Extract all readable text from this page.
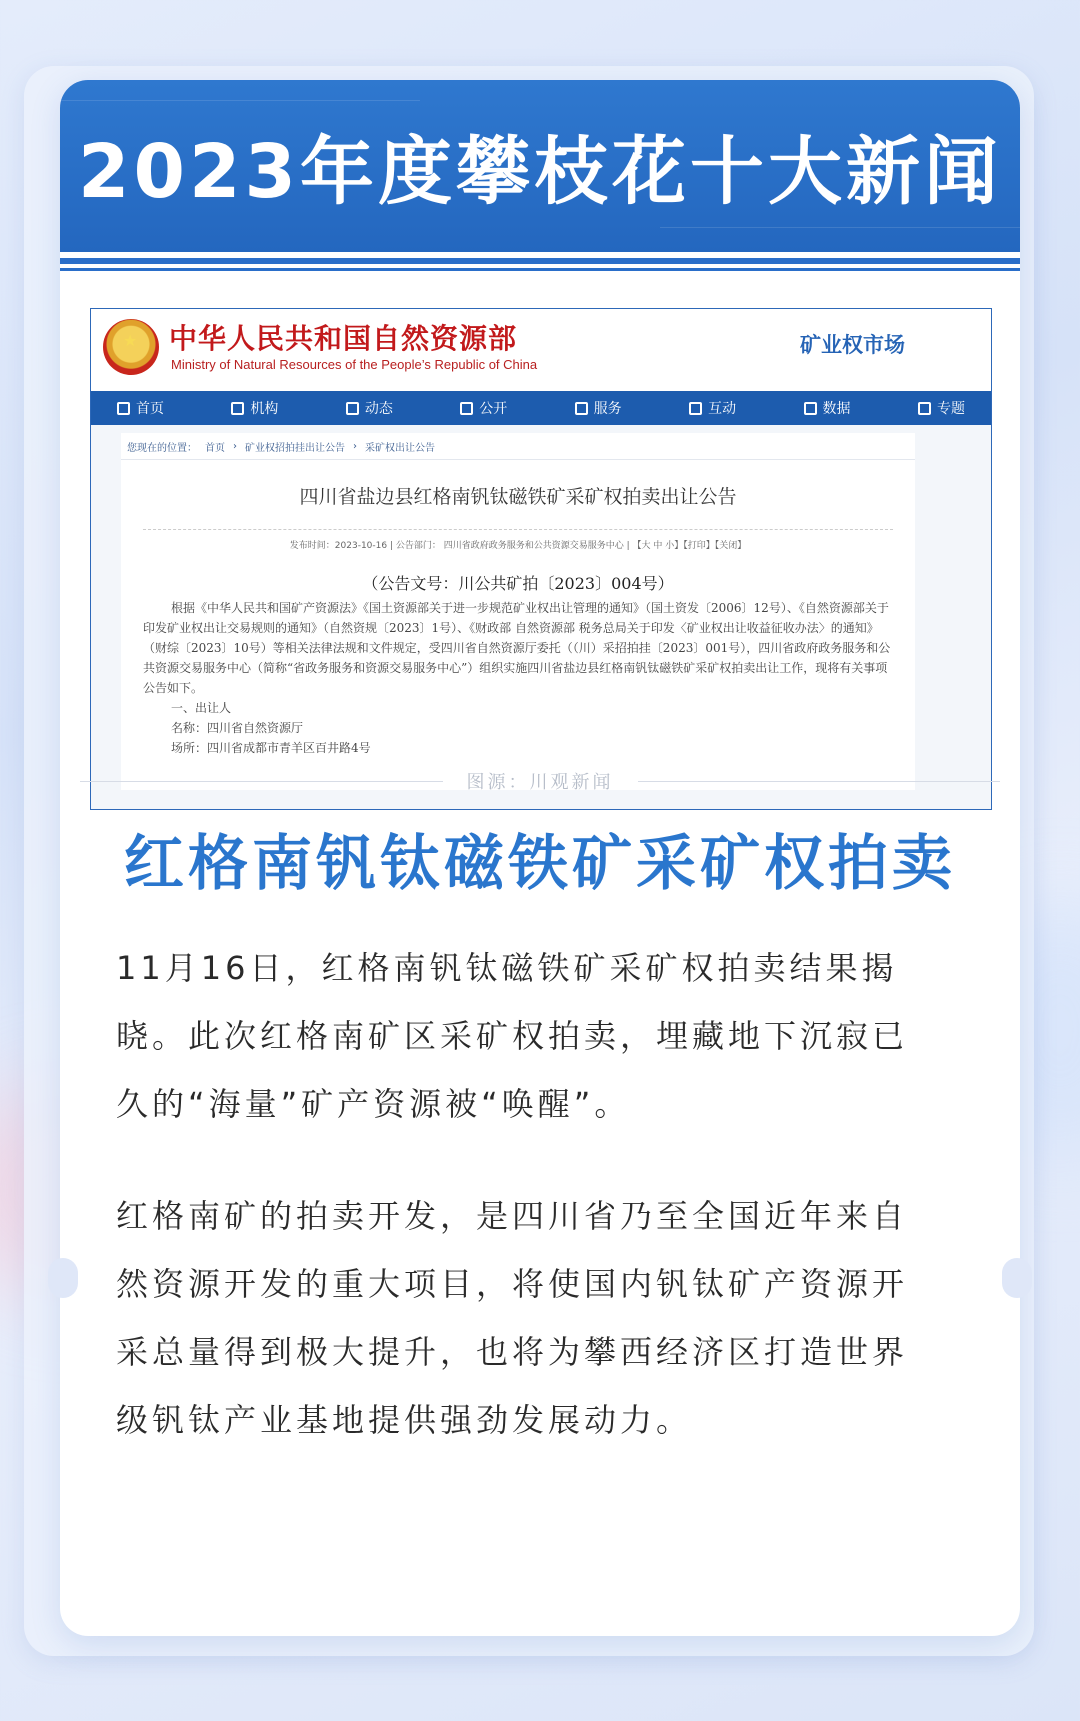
2023年度攀枝花十大新闻
★
中华人民共和国自然资源部
Ministry of Natural Resources of the People’s Republic of China
矿业权市场
首页	机构	动态	公开	服务	互动	数据	专题
您现在的位置： 首页 › 矿业权招拍挂出让公告 › 采矿权出让公告
四川省盐边县红格南钒钛磁铁矿采矿权拍卖出让公告
发布时间：2023-10-16 | 公告部门： 四川省政府政务服务和公共资源交易服务中心 | 【大 中 小】【打印】【关闭】
（公告文号：川公共矿拍〔2023〕004号）
根据《中华人民共和国矿产资源法》《国土资源部关于进一步规范矿业权出让管理的通知》（国土资发〔2006〕12号）、《自然资源部关于印发矿业权出让交易规则的通知》（自然资规〔2023〕1号）、《财政部 自然资源部 税务总局关于印发〈矿业权出让收益征收办法〉的通知》（财综〔2023〕10号）等相关法律法规和文件规定，受四川省自然资源厅委托（（川）采招拍挂〔2023〕001号），四川省政府政务服务和公共资源交易服务中心（简称“省政务服务和资源交易服务中心”）组织实施四川省盐边县红格南钒钛磁铁矿采矿权拍卖出让工作，现将有关事项公告如下。
一、出让人
名称：四川省自然资源厅
场所：四川省成都市青羊区百井路4号
图源：川观新闻
红格南钒钛磁铁矿采矿权拍卖

11月16日，红格南钒钛磁铁矿采矿权拍卖结果揭晓。此次红格南矿区采矿权拍卖，埋藏地下沉寂已久的“海量”矿产资源被“唤醒”。

红格南矿的拍卖开发，是四川省乃至全国近年来自然资源开发的重大项目，将使国内钒钛矿产资源开采总量得到极大提升，也将为攀西经济区打造世界级钒钛产业基地提供强劲发展动力。
